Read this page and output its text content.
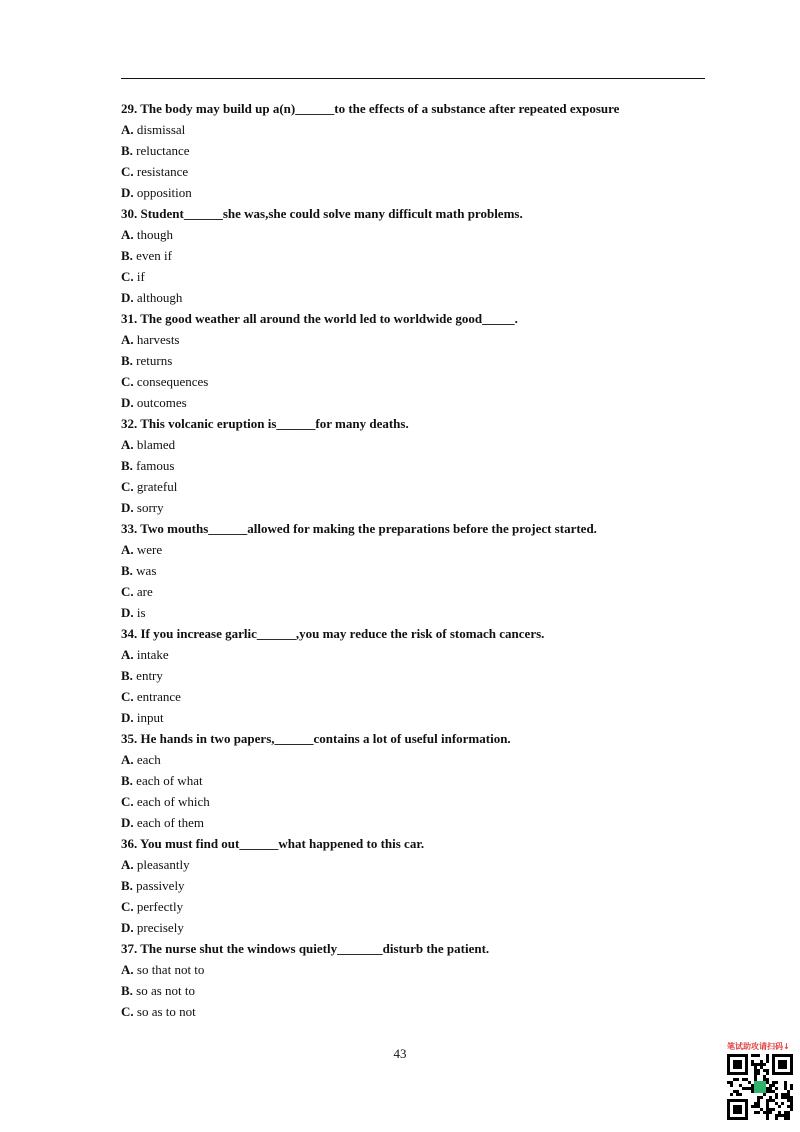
29. The body may build up a(n)______to the effects of a substance after repeated exposure
A. dismissal
B. reluctance
C. resistance
D. opposition
30. Student______she was,she could solve many difficult math problems.
A. though
B. even if
C. if
D. although
31. The good weather all around the world led to worldwide good_____.
A. harvests
B. returns
C. consequences
D. outcomes
32. This volcanic eruption is______for many deaths.
A. blamed
B. famous
C. grateful
D. sorry
33. Two mouths______allowed for making the preparations before the project started.
A. were
B. was
C. are
D. is
34. If you increase garlic______,you may reduce the risk of stomach cancers.
A. intake
B. entry
C. entrance
D. input
35. He hands in two papers,______contains a lot of useful information.
A. each
B. each of what
C. each of which
D. each of them
36. You must find out______what happened to this car.
A. pleasantly
B. passively
C. perfectly
D. precisely
37. The nurse shut the windows quietly_______disturb the patient.
A. so that not to
B. so as not to
C. so as to not
43	笔试助攻请扫码↓
